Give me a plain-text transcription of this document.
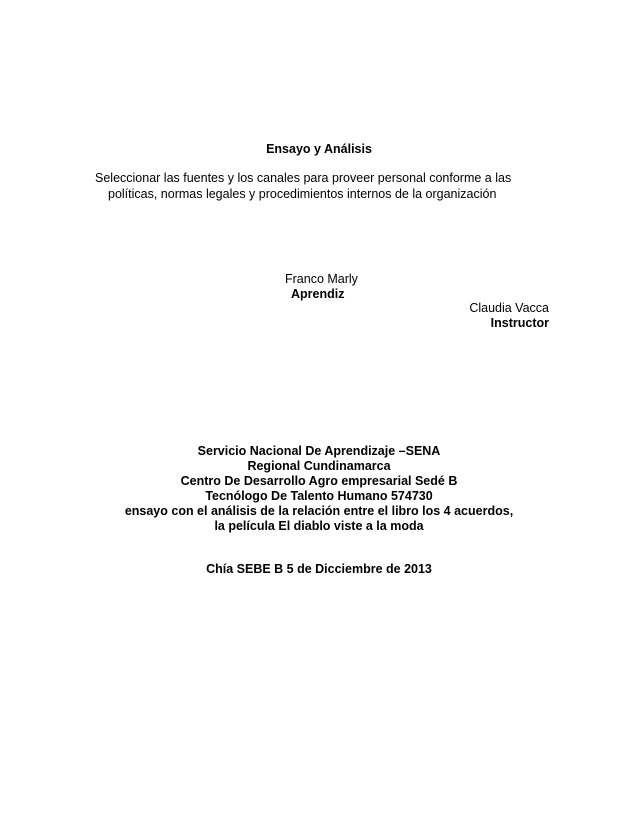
Ensayo y Análisis
Seleccionar las fuentes y los canales para proveer personal conforme a las
políticas, normas legales y procedimientos internos de la organización
Franco Marly
Aprendiz
Claudia Vacca
Instructor
Servicio Nacional De Aprendizaje –SENA
Regional Cundinamarca
Centro De Desarrollo Agro empresarial Sedé B
Tecnólogo De Talento Humano 574730
ensayo con el análisis de la relación entre el libro los 4 acuerdos,
la película El diablo viste a la moda
Chía SEBE B 5 de Dicciembre de 2013
